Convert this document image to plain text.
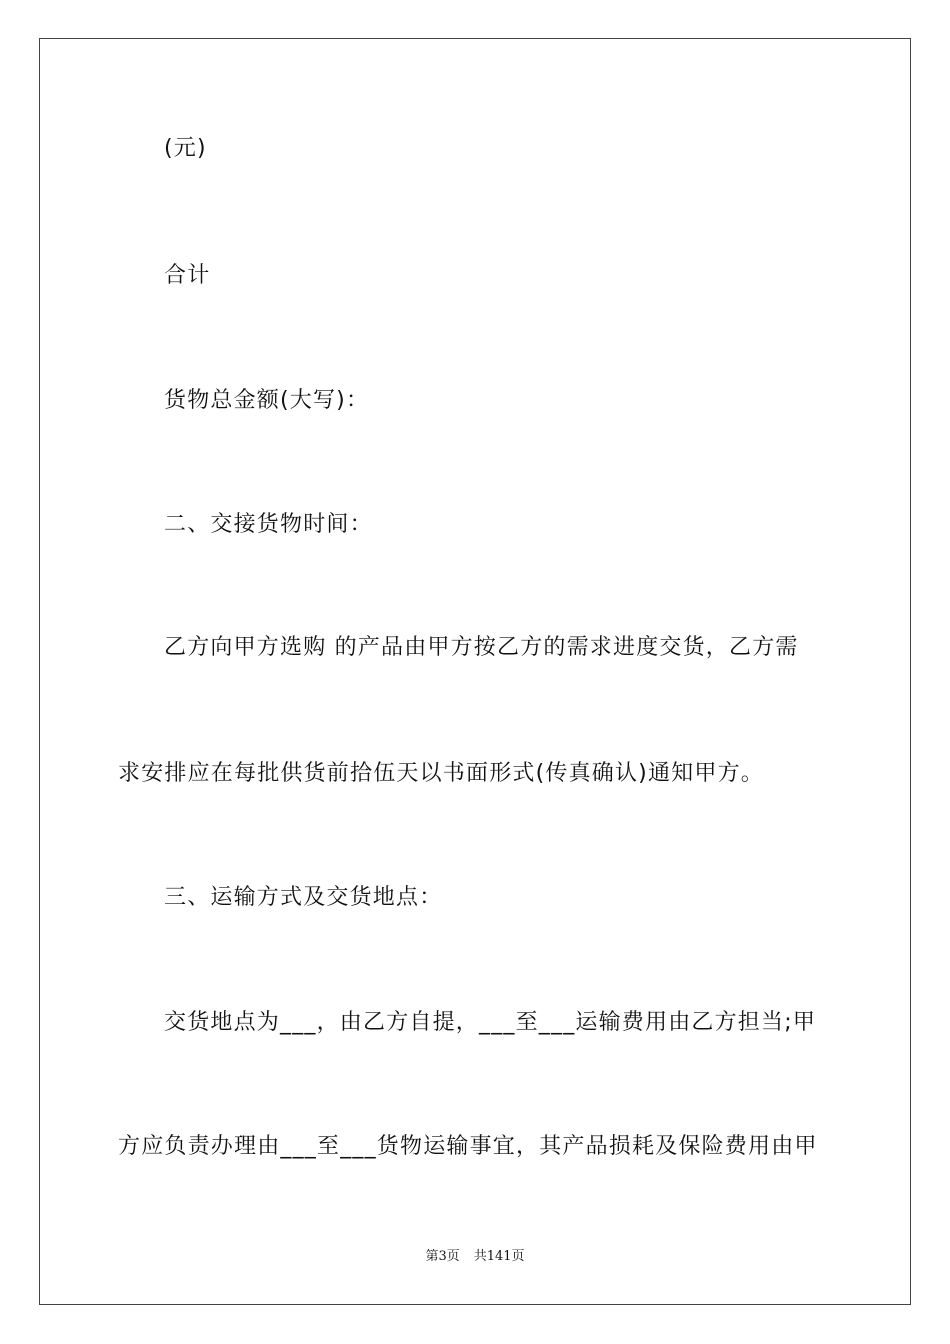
(元)
合计
货物总金额(大写)：
二、交接货物时间：
乙方向甲方选购 的产品由甲方按乙方的需求进度交货，乙方需
求安排应在每批供货前拾伍天以书面形式(传真确认)通知甲方。
三、运输方式及交货地点：
交货地点为___，由乙方自提，___至___运输费用由乙方担当;甲
方应负责办理由___至___货物运输事宜，其产品损耗及保险费用由甲
第3页 共141页
